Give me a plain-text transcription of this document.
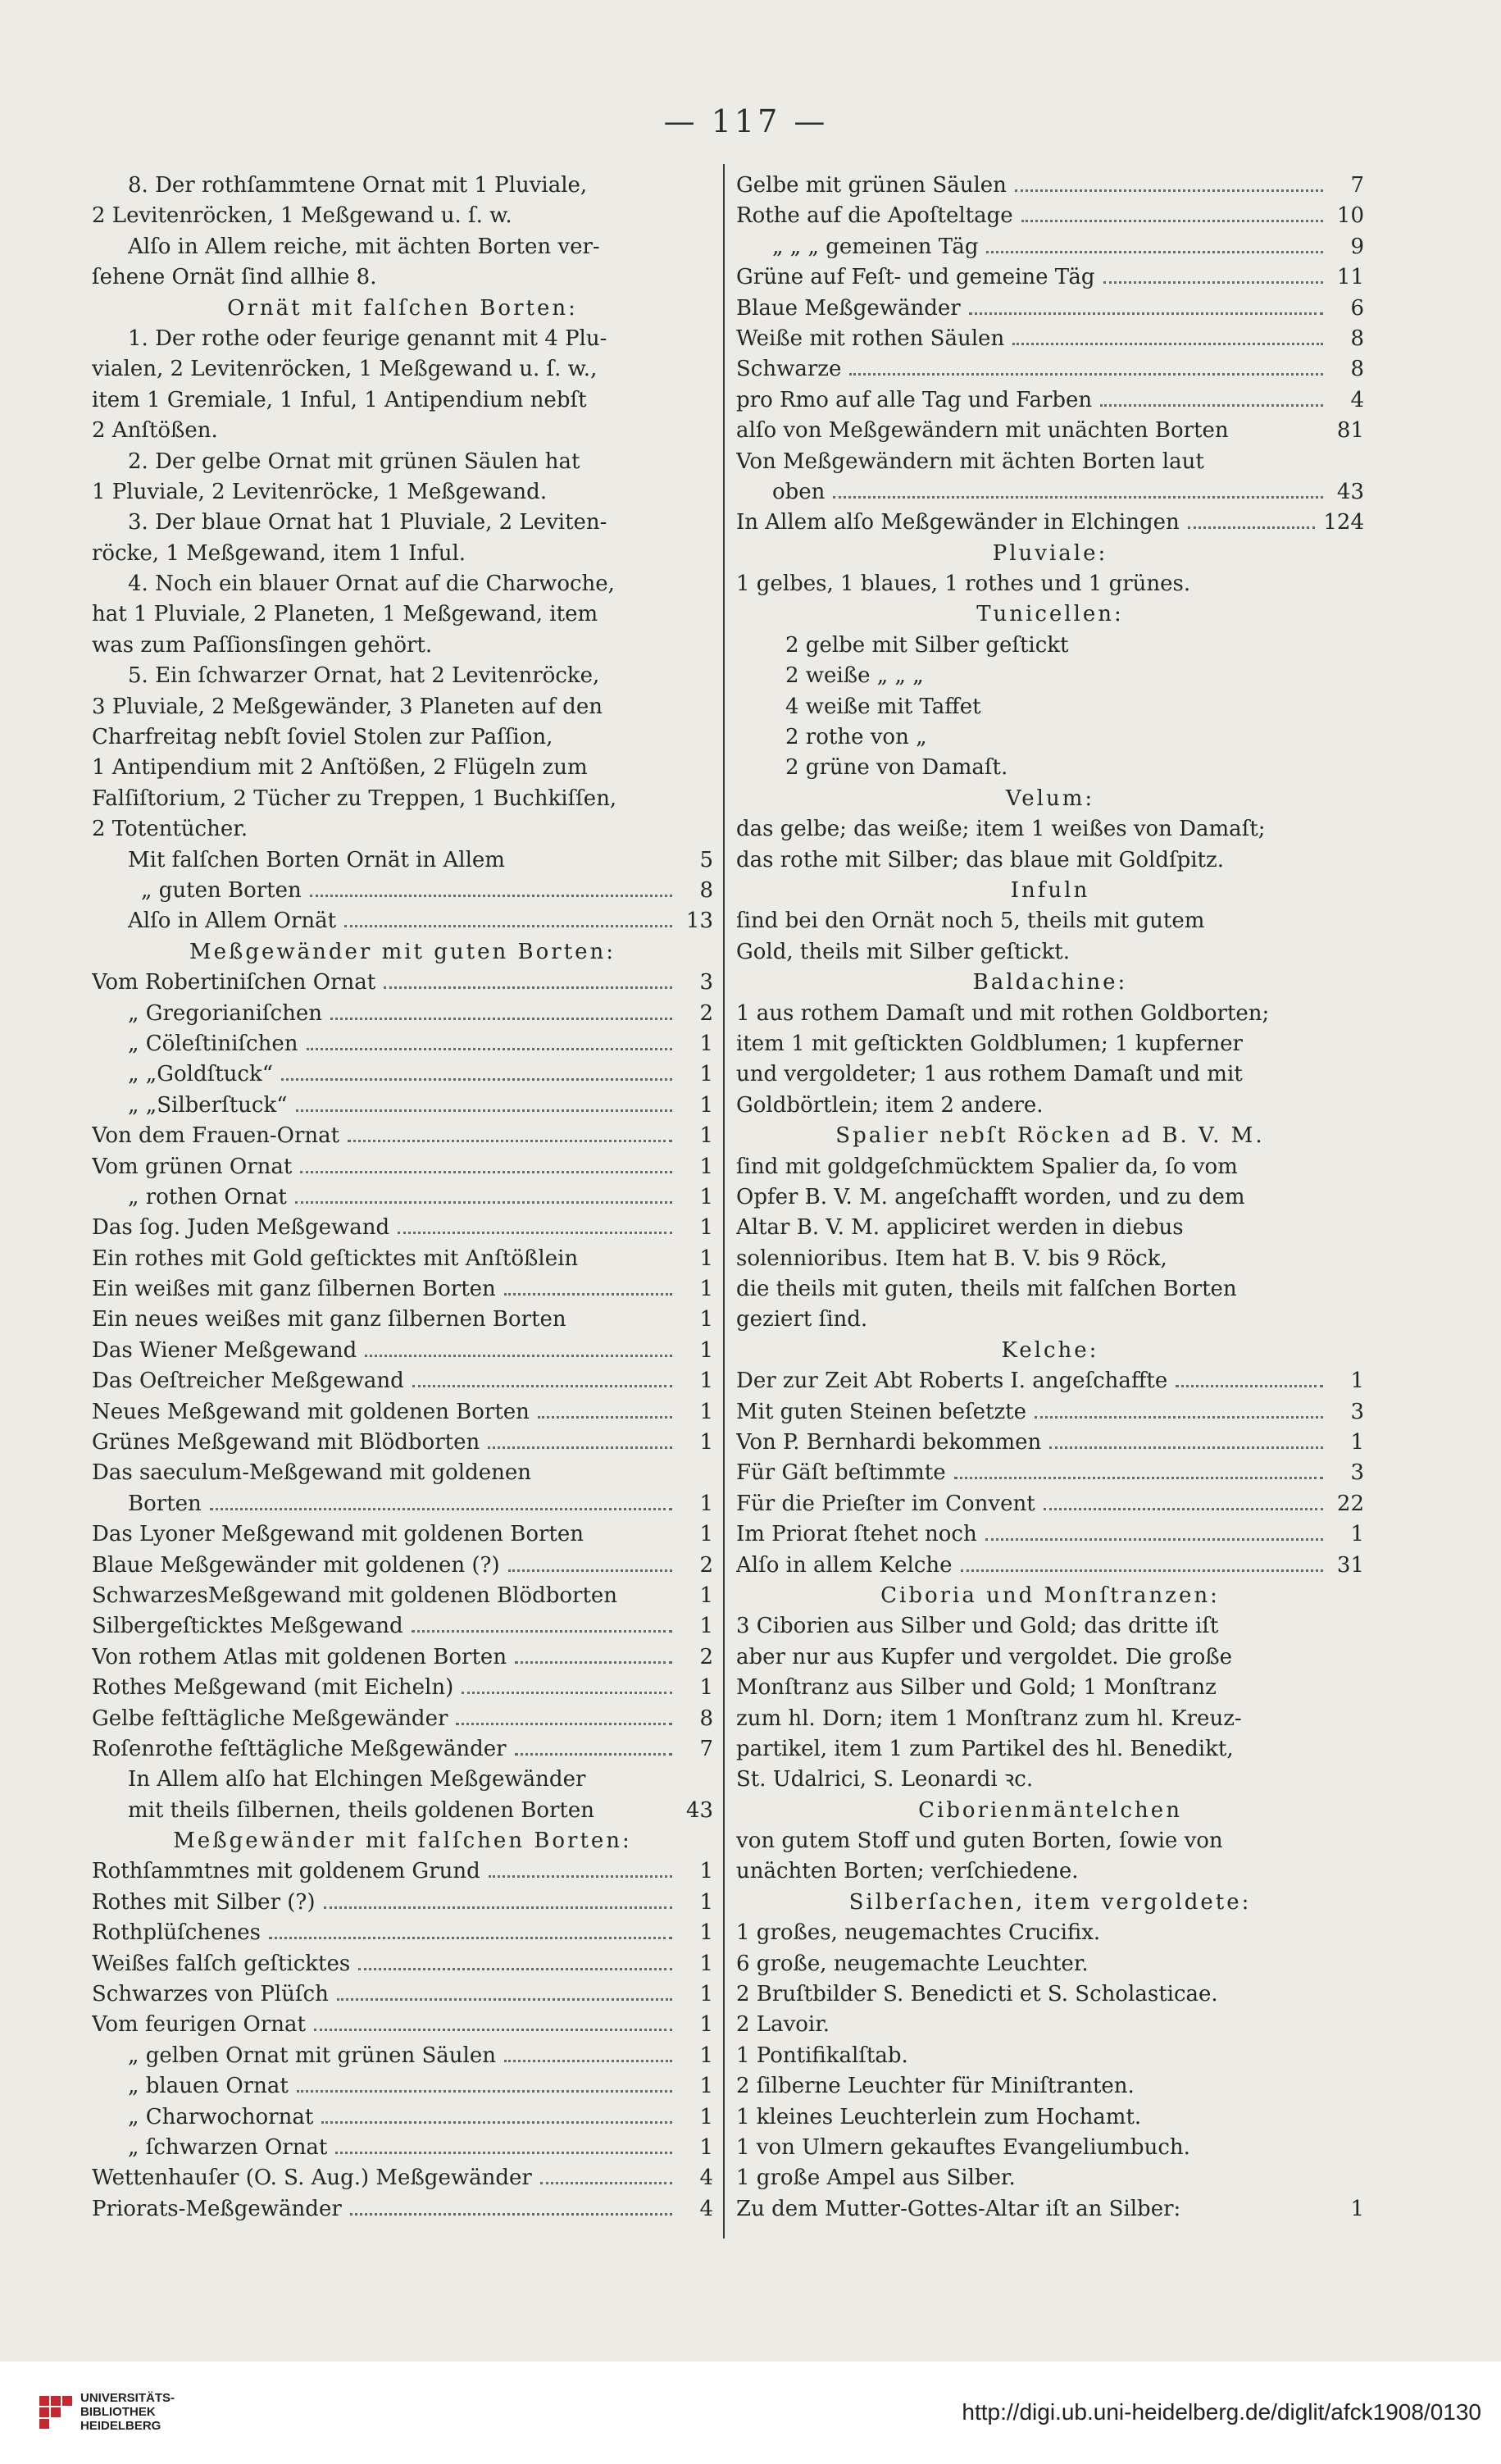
— 117 —
8. Der rothſammtene Ornat mit 1 Pluviale,
2 Levitenröcken, 1 Meßgewand u. ſ. w.
Alſo in Allem reiche, mit ächten Borten ver-
ſehene Ornät ſind allhie 8.
Ornät mit falſchen Borten:
1. Der rothe oder feurige genannt mit 4 Plu-
vialen, 2 Levitenröcken, 1 Meßgewand u. ſ. w.,
item 1 Gremiale, 1 Inful, 1 Antipendium nebſt
2 Anſtößen.
2. Der gelbe Ornat mit grünen Säulen hat
1 Pluviale, 2 Levitenröcke, 1 Meßgewand.
3. Der blaue Ornat hat 1 Pluviale, 2 Leviten-
röcke, 1 Meßgewand, item 1 Inful.
4. Noch ein blauer Ornat auf die Charwoche,
hat 1 Pluviale, 2 Planeten, 1 Meßgewand, item
was zum Paſſionsſingen gehört.
5. Ein ſchwarzer Ornat, hat 2 Levitenröcke,
3 Pluviale, 2 Meßgewänder, 3 Planeten auf den
Charfreitag nebſt ſoviel Stolen zur Paſſion,
1 Antipendium mit 2 Anſtößen, 2 Flügeln zum
Falſiſtorium, 2 Tücher zu Treppen, 1 Buchkiſſen,
2 Totentücher.
Mit falſchen Borten Ornät in Allem	5
„ guten Borten	8
Alſo in Allem Ornät	13
Meßgewänder mit guten Borten:
Vom Robertiniſchen Ornat	3
„ Gregorianiſchen	2
„ Cöleſtiniſchen	1
„ „Goldſtuck“	1
„ „Silberſtuck“	1
Von dem Frauen-Ornat	1
Vom grünen Ornat	1
„ rothen Ornat	1
Das ſog. Juden Meßgewand	1
Ein rothes mit Gold geſticktes mit Anſtößlein	1
Ein weißes mit ganz ſilbernen Borten	1
Ein neues weißes mit ganz ſilbernen Borten	1
Das Wiener Meßgewand	1
Das Oeſtreicher Meßgewand	1
Neues Meßgewand mit goldenen Borten	1
Grünes Meßgewand mit Blödborten	1
Das saeculum-Meßgewand mit goldenen
Borten	1
Das Lyoner Meßgewand mit goldenen Borten	1
Blaue Meßgewänder mit goldenen (?)	2
SchwarzesMeßgewand mit goldenen Blödborten	1
Silbergeſticktes Meßgewand	1
Von rothem Atlas mit goldenen Borten	2
Rothes Meßgewand (mit Eicheln)	1
Gelbe feſttägliche Meßgewänder	8
Roſenrothe feſttägliche Meßgewänder	7
In Allem alſo hat Elchingen Meßgewänder
mit theils ſilbernen, theils goldenen Borten	43
Meßgewänder mit falſchen Borten:
Rothſammtnes mit goldenem Grund	1
Rothes mit Silber (?)	1
Rothplüſchenes	1
Weißes falſch geſticktes	1
Schwarzes von Plüſch	1
Vom feurigen Ornat	1
„ gelben Ornat mit grünen Säulen	1
„ blauen Ornat	1
„ Charwochornat	1
„ ſchwarzen Ornat	1
Wettenhauſer (O. S. Aug.) Meßgewänder	4
Priorats-Meßgewänder	4
Gelbe mit grünen Säulen	7
Rothe auf die Apoſteltage	10
„ „ „ gemeinen Täg	9
Grüne auf Feſt- und gemeine Täg	11
Blaue Meßgewänder	6
Weiße mit rothen Säulen	8
Schwarze	8
pro Rmo auf alle Tag und Farben	4
alſo von Meßgewändern mit unächten Borten	81
Von Meßgewändern mit ächten Borten laut
oben	43
In Allem alſo Meßgewänder in Elchingen	124
Pluviale:
1 gelbes, 1 blaues, 1 rothes und 1 grünes.
Tunicellen:
2 gelbe mit Silber geſtickt
2 weiße „ „ „
4 weiße mit Taffet
2 rothe von „
2 grüne von Damaſt.
Velum:
das gelbe; das weiße; item 1 weißes von Damaſt;
das rothe mit Silber; das blaue mit Goldſpitz.
Infuln
ſind bei den Ornät noch 5, theils mit gutem
Gold, theils mit Silber geſtickt.
Baldachine:
1 aus rothem Damaſt und mit rothen Goldborten;
item 1 mit geſtickten Goldblumen; 1 kupferner
und vergoldeter; 1 aus rothem Damaſt und mit
Goldbörtlein; item 2 andere.
Spalier nebſt Röcken ad B. V. M.
ſind mit goldgeſchmücktem Spalier da, ſo vom
Opfer B. V. M. angeſchafft worden, und zu dem
Altar B. V. M. appliciret werden in diebus
solennioribus. Item hat B. V. bis 9 Röck,
die theils mit guten, theils mit falſchen Borten
geziert ſind.
Kelche:
Der zur Zeit Abt Roberts I. angeſchaffte	1
Mit guten Steinen beſetzte	3
Von P. Bernhardi bekommen	1
Für Gäſt beſtimmte	3
Für die Prieſter im Convent	22
Im Priorat ſtehet noch	1
Alſo in allem Kelche	31
Ciboria und Monſtranzen:
3 Ciborien aus Silber und Gold; das dritte iſt
aber nur aus Kupfer und vergoldet. Die große
Monſtranz aus Silber und Gold; 1 Monſtranz
zum hl. Dorn; item 1 Monſtranz zum hl. Kreuz-
partikel, item 1 zum Partikel des hl. Benedikt,
St. Udalrici, S. Leonardi ꝛc.
Ciborienmäntelchen
von gutem Stoff und guten Borten, ſowie von
unächten Borten; verſchiedene.
Silberſachen, item vergoldete:
1 großes, neugemachtes Crucifix.
6 große, neugemachte Leuchter.
2 Bruſtbilder S. Benedicti et S. Scholasticae.
2 Lavoir.
1 Pontifikalſtab.
2 ſilberne Leuchter für Miniſtranten.
1 kleines Leuchterlein zum Hochamt.
1 von Ulmern gekauftes Evangeliumbuch.
1 große Ampel aus Silber.
Zu dem Mutter-Gottes-Altar iſt an Silber:	1
UNIVERSITÄTS-
BIBLIOTHEK
HEIDELBERG
http://digi.ub.uni-heidelberg.de/diglit/afck1908/0130
